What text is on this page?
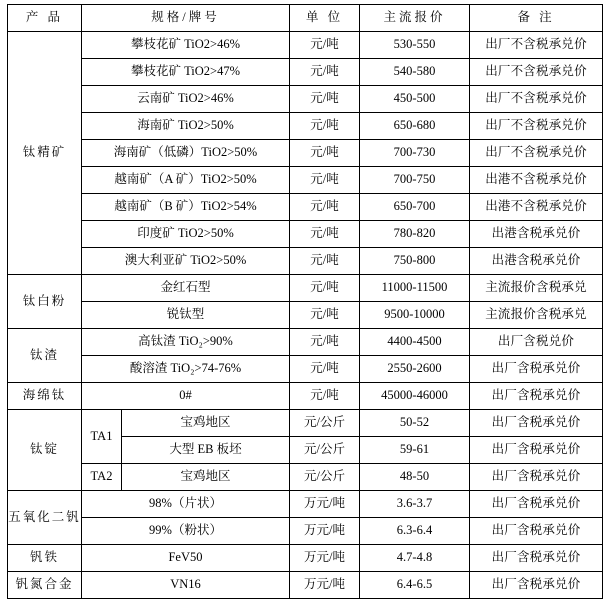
产 品	规格/牌号		单 位	主流报价	备 注
钛精矿	攀枝花矿 TiO2>46%		元/吨	530-550	出厂不含税承兑价
	攀枝花矿 TiO2>47%		元/吨	540-580	出厂不含税承兑价
	云南矿 TiO2>46%		元/吨	450-500	出厂不含税承兑价
	海南矿 TiO2>50%		元/吨	650-680	出厂不含税承兑价
	海南矿（低磷）TiO2>50%		元/吨	700-730	出厂不含税承兑价
	越南矿（A 矿）TiO2>50%		元/吨	700-750	出港不含税承兑价
	越南矿（B 矿）TiO2>54%		元/吨	650-700	出港不含税承兑价
	印度矿 TiO2>50%		元/吨	780-820	出港含税承兑价
	澳大利亚矿 TiO2>50%		元/吨	750-800	出港含税承兑价
钛白粉	金红石型		元/吨	11000-11500	主流报价含税承兑
	锐钛型		元/吨	9500-10000	主流报价含税承兑
钛渣	高钛渣 TiO₂>90%		元/吨	4400-4500	出厂含税兑价
	酸溶渣 TiO₂>74-76%		元/吨	2550-2600	出厂含税承兑价
海绵钛	0#		元/吨	45000-46000	出厂含税承兑价
钛锭	TA1	宝鸡地区	元/公斤	50-52	出厂含税承兑价
		大型 EB 板坯	元/公斤	59-61	出厂含税承兑价
	TA2	宝鸡地区	元/公斤	48-50	出厂含税承兑价
五氧化二钒	98%（片状）		万元/吨	3.6-3.7	出厂含税承兑价
	99%（粉状）		万元/吨	6.3-6.4	出厂含税承兑价
钒铁	FeV50		万元/吨	4.7-4.8	出厂含税承兑价
钒氮合金	VN16		万元/吨	6.4-6.5	出厂含税承兑价
